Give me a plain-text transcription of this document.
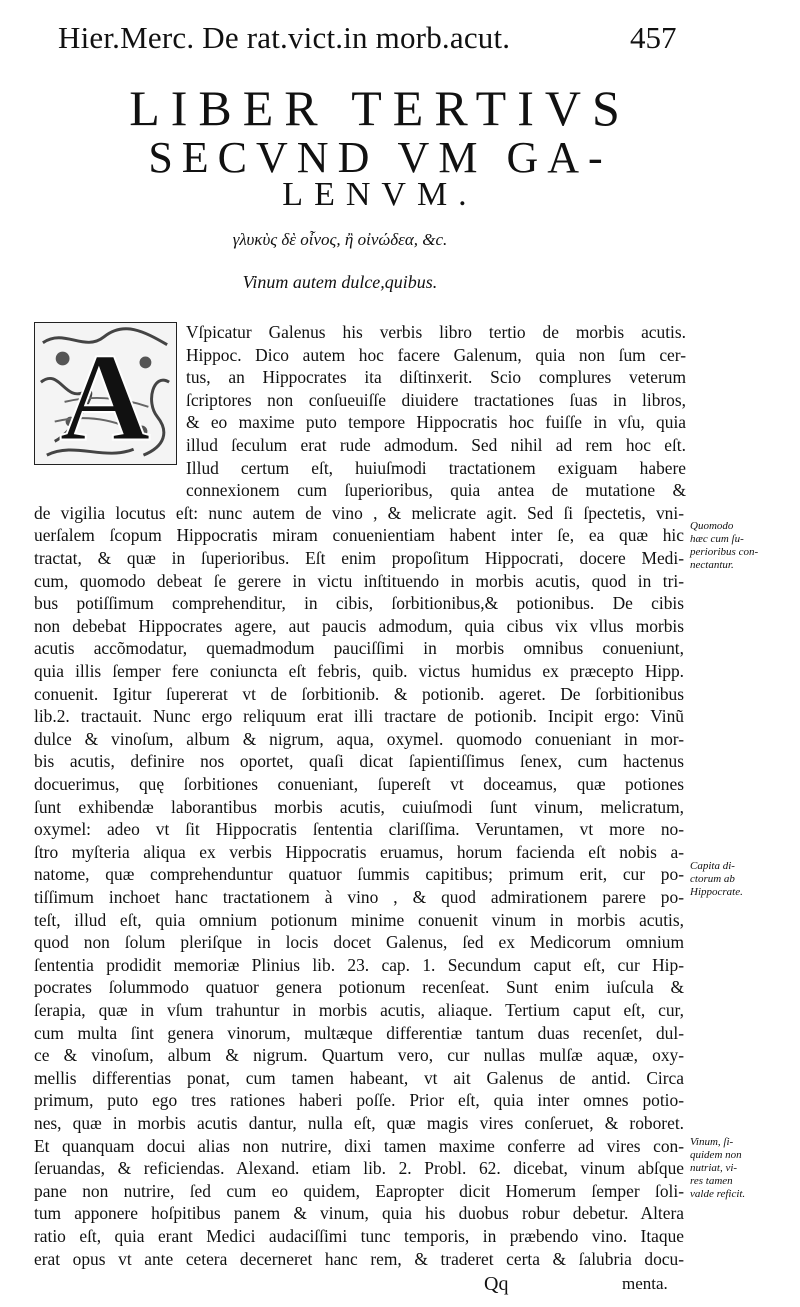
Hier.Merc. De rat.vict.in morb.acut.	457
LIBER TERTIVS
SECVND VM GA-
LENVM.
γλυκὺς δὲ οἶνος, ἢ οἰνώδεα, &c.
Vinum autem dulce,quibus.
A Vſpicatur Galenus his verbis libro tertio de morbis acutis.
Hippoc. Dico autem hoc facere Galenum, quia non ſum cer-
tus, an Hippocrates ita diſtinxerit. Scio complures veterum
ſcriptores non conſueuiſſe diuidere tractationes ſuas in libros,
& eo maxime puto tempore Hippocratis hoc fuiſſe in vſu, quia
illud ſeculum erat rude admodum. Sed nihil ad rem hoc eſt.
Illud certum eſt, huiuſmodi tractationem exiguam habere
connexionem cum ſuperioribus, quia antea de mutatione &
de vigilia locutus eſt: nunc autem de vino , & melicrate agit. Sed ſi ſpectetis, vni-
uerſalem ſcopum Hippocratis miram conuenientiam habent inter ſe, ea quæ hic
tractat, & quæ in ſuperioribus. Eſt enim propoſitum Hippocrati, docere Medi-
cum, quomodo debeat ſe gerere in victu inſtituendo in morbis acutis, quod in tri-
bus potiſſimum comprehenditur, in cibis, ſorbitionibus,& potionibus. De cibis
non debebat Hippocrates agere, aut paucis admodum, quia cibus vix vllus morbis
acutis accõmodatur, quemadmodum pauciſſimi in morbis omnibus conueniunt,
quia illis ſemper fere coniuncta eſt febris, quib. victus humidus ex præcepto Hipp.
conuenit. Igitur ſupererat vt de ſorbitionib. & potionib. ageret. De ſorbitionibus
lib.2. tractauit. Nunc ergo reliquum erat illi tractare de potionib. Incipit ergo: Vinũ
dulce & vinoſum, album & nigrum, aqua, oxymel. quomodo conueniant in mor-
bis acutis, definire nos oportet, quaſi dicat ſapientiſſimus ſenex, cum hactenus
docuerimus, quę ſorbitiones conueniant, ſupereſt vt doceamus, quæ potiones
ſunt exhibendæ laborantibus morbis acutis, cuiuſmodi ſunt vinum, melicratum,
oxymel: adeo vt ſit Hippocratis ſententia clariſſima. Veruntamen, vt more no-
ſtro myſteria aliqua ex verbis Hippocratis eruamus, horum facienda eſt nobis a-
natome, quæ comprehenduntur quatuor ſummis capitibus; primum erit, cur po-
tiſſimum inchoet hanc tractationem à vino , & quod admirationem parere po-
teſt, illud eſt, quia omnium potionum minime conuenit vinum in morbis acutis,
quod non ſolum pleriſque in locis docet Galenus, ſed ex Medicorum omnium
ſententia prodidit memoriæ Plinius lib. 23. cap. 1. Secundum caput eſt, cur Hip-
pocrates ſolummodo quatuor genera potionum recenſeat. Sunt enim iuſcula &
ſerapia, quæ in vſum trahuntur in morbis acutis, aliaque. Tertium caput eſt, cur,
cum multa ſint genera vinorum, multæque differentiæ tantum duas recenſet, dul-
ce & vinoſum, album & nigrum. Quartum vero, cur nullas mulſæ aquæ, oxy-
mellis differentias ponat, cum tamen habeant, vt ait Galenus de antid. Circa
primum, puto ego tres rationes haberi poſſe. Prior eſt, quia inter omnes potio-
nes, quæ in morbis acutis dantur, nulla eſt, quæ magis vires conſeruet, & roboret.
Et quanquam docui alias non nutrire, dixi tamen maxime conferre ad vires con-
ſeruandas, & reficiendas. Alexand. etiam lib. 2. Probl. 62. dicebat, vinum abſque
pane non nutrire, ſed cum eo quidem, Eapropter dicit Homerum ſemper ſoli-
tum apponere hoſpitibus panem & vinum, quia his duobus robur debetur. Altera
ratio eſt, quia erant Medici audaciſſimi tunc temporis, in præbendo vino. Itaque
erat opus vt ante cetera decerneret hanc rem, & traderet certa & ſalubria docu-
Quomodo
hæc cum ſu-
perioribus con-
nectantur.
Capita di-
ctorum ab
Hippocrate.
Vinum, ſi-
quidem non
nutriat, vi-
res tamen
valde reficit.
Qq	menta.
